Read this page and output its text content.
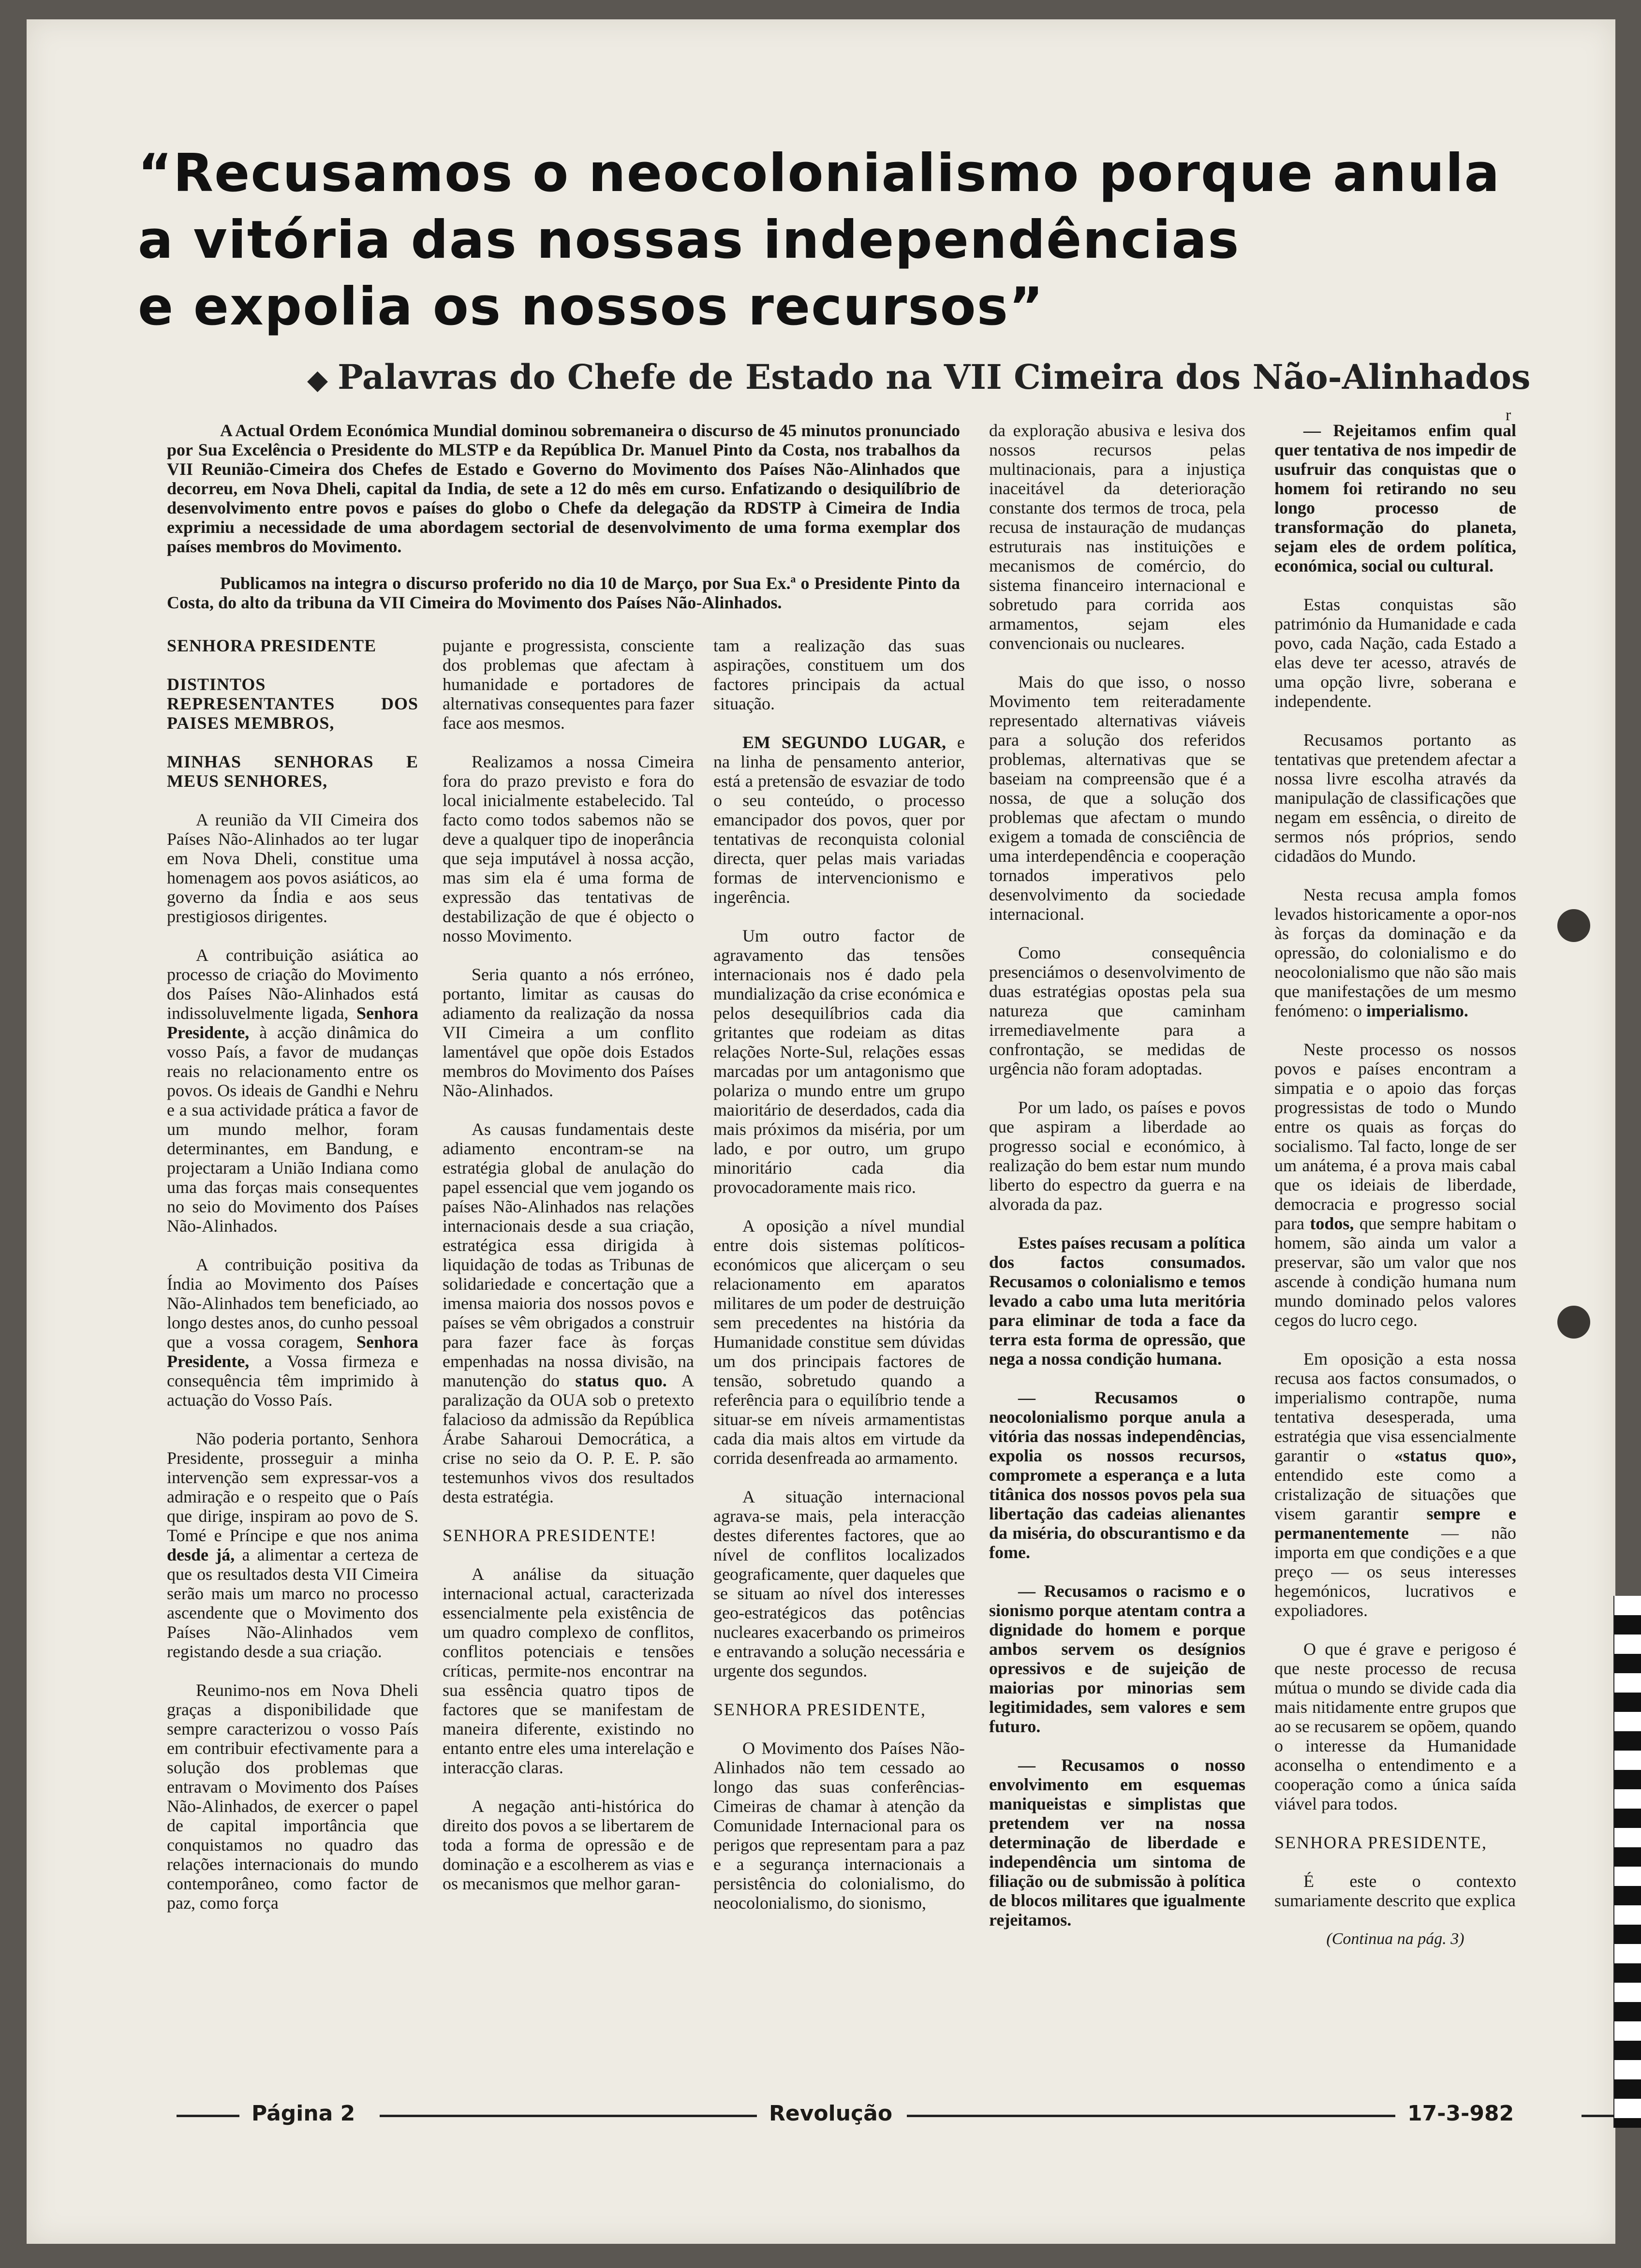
“Recusamos o neocolonialismo porque anula
a vitória das nossas independências
e expolia os nossos recursos”
◆ Palavras do Chefe de Estado na VII Cimeira dos Não-Alinhados

A Actual Ordem Económica Mundial dominou sobremaneira o discurso de 45 minutos pronunciado por Sua Excelência o Presidente do MLSTP e da República Dr. Manuel Pinto da Costa, nos trabalhos da VII Reunião-Cimeira dos Chefes de Estado e Governo do Movimento dos Países Não-Alinhados que decorreu, em Nova Dheli, capital da India, de sete a 12 do mês em curso. Enfatizando o desiquilíbrio de desenvolvimento entre povos e países do globo o Chefe da delegação da RDSTP à Cimeira de India exprimiu a necessidade de uma abordagem sectorial de desenvolvimento de uma forma exemplar dos países membros do Movimento.

Publicamos na integra o discurso proferido no dia 10 de Março, por Sua Ex.ª o Presidente Pinto da Costa, do alto da tribuna da VII Cimeira do Movimento dos Países Não-Alinhados.

SENHORA PRESIDENTE

DISTINTOS REPRESENTANTES DOS PAISES MEMBROS,

MINHAS SENHORAS E MEUS SENHORES,

A reunião da VII Cimeira dos Países Não-Alinhados ao ter lugar em Nova Dheli, constitue uma homenagem aos povos asiáticos, ao governo da Índia e aos seus prestigiosos dirigentes.

A contribuição asiática ao processo de criação do Movimento dos Países Não-Alinhados está indissoluvelmente ligada, Senhora Presidente, à acção dinâmica do vosso País, a favor de mudanças reais no relacionamento entre os povos. Os ideais de Gandhi e Nehru e a sua actividade prática a favor de um mundo melhor, foram determinantes, em Bandung, e projectaram a União Indiana como uma das forças mais consequentes no seio do Movimento dos Países Não-Alinhados.

A contribuição positiva da Índia ao Movimento dos Países Não-Alinhados tem beneficiado, ao longo destes anos, do cunho pessoal que a vossa coragem, Senhora Presidente, a Vossa firmeza e consequência têm imprimido à actuação do Vosso País.

Não poderia portanto, Senhora Presidente, prosseguir a minha intervenção sem expressar-vos a admiração e o respeito que o País que dirige, inspiram ao povo de S. Tomé e Príncipe e que nos anima desde já, a alimentar a certeza de que os resultados desta VII Cimeira serão mais um marco no processo ascendente que o Movimento dos Países Não-Alinhados vem registando desde a sua criação.

Reunimo-nos em Nova Dheli graças a disponibilidade que sempre caracterizou o vosso País em contribuir efectivamente para a solução dos problemas que entravam o Movimento dos Países Não-Alinhados, de exercer o papel de capital importância que conquistamos no quadro das relações internacionais do mundo contemporâneo, como factor de paz, como força

pujante e progressista, consciente dos problemas que afectam à humanidade e portadores de alternativas consequentes para fazer face aos mesmos.

Realizamos a nossa Cimeira fora do prazo previsto e fora do local inicialmente estabelecido. Tal facto como todos sabemos não se deve a qualquer tipo de inoperância que seja imputável à nossa acção, mas sim ela é uma forma de expressão das tentativas de destabilização de que é objecto o nosso Movimento.

Seria quanto a nós erróneo, portanto, limitar as causas do adiamento da realização da nossa VII Cimeira a um conflito lamentável que opõe dois Estados membros do Movimento dos Países Não-Alinhados.

As causas fundamentais deste adiamento encontram-se na estratégia global de anulação do papel essencial que vem jogando os países Não-Alinhados nas relações internacionais desde a sua criação, estratégica essa dirigida à liquidação de todas as Tribunas de solidariedade e concertação que a imensa maioria dos nossos povos e países se vêm obrigados a construir para fazer face às forças empenhadas na nossa divisão, na manutenção do status quo. A paralização da OUA sob o pretexto falacioso da admissão da República Árabe Saharoui Democrática, a crise no seio da O. P. E. P. são testemunhos vivos dos resultados desta estratégia.

SENHORA PRESIDENTE!

A análise da situação internacional actual, caracterizada essencialmente pela existência de um quadro complexo de conflitos, conflitos potenciais e tensões críticas, permite-nos encontrar na sua essência quatro tipos de factores que se manifestam de maneira diferente, existindo no entanto entre eles uma interelação e interacção claras.

A negação anti-histórica do direito dos povos a se libertarem de toda a forma de opressão e de dominação e a escolherem as vias e os mecanismos que melhor garan-

tam a realização das suas aspirações, constituem um dos factores principais da actual situação.

EM SEGUNDO LUGAR, e na linha de pensamento anterior, está a pretensão de esvaziar de todo o seu conteúdo, o processo emancipador dos povos, quer por tentativas de reconquista colonial directa, quer pelas mais variadas formas de intervencionismo e ingerência.

Um outro factor de agravamento das tensões internacionais nos é dado pela mundialização da crise económica e pelos desequilíbrios cada dia gritantes que rodeiam as ditas relações Norte-Sul, relações essas marcadas por um antagonismo que polariza o mundo entre um grupo maioritário de deserdados, cada dia mais próximos da miséria, por um lado, e por outro, um grupo minoritário cada dia provocadoramente mais rico.

A oposição a nível mundial entre dois sistemas políticos-económicos que alicerçam o seu relacionamento em aparatos militares de um poder de destruição sem precedentes na história da Humanidade constitue sem dúvidas um dos principais factores de tensão, sobretudo quando a referência para o equilíbrio tende a situar-se em níveis armamentistas cada dia mais altos em virtude da corrida desenfreada ao armamento.

A situação internacional agrava-se mais, pela interacção destes diferentes factores, que ao nível de conflitos localizados geograficamente, quer daqueles que se situam ao nível dos interesses geo-estratégicos das potências nucleares exacerbando os primeiros e entravando a solução necessária e urgente dos segundos.

SENHORA PRESIDENTE,

O Movimento dos Países Não-Alinhados não tem cessado ao longo das suas conferências-Cimeiras de chamar à atenção da Comunidade Internacional para os perigos que representam para a paz e a segurança internacionais a persistência do colonialismo, do neocolonialismo, do sionismo,

da exploração abusiva e lesiva dos nossos recursos pelas multinacionais, para a injustiça inaceitável da deterioração constante dos termos de troca, pela recusa de instauração de mudanças estruturais nas instituições e mecanismos de comércio, do sistema financeiro internacional e sobretudo para corrida aos armamentos, sejam eles convencionais ou nucleares.

Mais do que isso, o nosso Movimento tem reiteradamente representado alternativas viáveis para a solução dos referidos problemas, alternativas que se baseiam na compreensão que é a nossa, de que a solução dos problemas que afectam o mundo exigem a tomada de consciência de uma interdependência e cooperação tornados imperativos pelo desenvolvimento da sociedade internacional.

Como consequência presenciámos o desenvolvimento de duas estratégias opostas pela sua natureza que caminham irremediavelmente para a confrontação, se medidas de urgência não foram adoptadas.

Por um lado, os países e povos que aspiram a liberdade ao progresso social e económico, à realização do bem estar num mundo liberto do espectro da guerra e na alvorada da paz.

Estes países recusam a política dos factos consumados. Recusamos o colonialismo e temos levado a cabo uma luta meritória para eliminar de toda a face da terra esta forma de opressão, que nega a nossa condição humana.

— Recusamos o neocolonialismo porque anula a vitória das nossas independências, expolia os nossos recursos, compromete a esperança e a luta titânica dos nossos povos pela sua libertação das cadeias alienantes da miséria, do obscurantismo e da fome.

— Recusamos o racismo e o sionismo porque atentam contra a dignidade do homem e porque ambos servem os desígnios opressivos e de sujeição de maiorias por minorias sem legitimidades, sem valores e sem futuro.

— Recusamos o nosso envolvimento em esquemas maniqueistas e simplistas que pretendem ver na nossa determinação de liberdade e independência um sintoma de filiação ou de submissão à política de blocos militares que igualmente rejeitamos.

— Rejeitamos enfim qual quer tentativa de nos impedir de usufruir das conquistas que o homem foi retirando no seu longo processo de transformação do planeta, sejam eles de ordem política, económica, social ou cultural.

Estas conquistas são património da Humanidade e cada povo, cada Nação, cada Estado a elas deve ter acesso, através de uma opção livre, soberana e independente.

Recusamos portanto as tentativas que pretendem afectar a nossa livre escolha através da manipulação de classificações que negam em essência, o direito de sermos nós próprios, sendo cidadãos do Mundo.

Nesta recusa ampla fomos levados historicamente a opor-nos às forças da dominação e da opressão, do colonialismo e do neocolonialismo que não são mais que manifestações de um mesmo fenómeno: o imperialismo.

Neste processo os nossos povos e países encontram a simpatia e o apoio das forças progressistas de todo o Mundo entre os quais as forças do socialismo. Tal facto, longe de ser um anátema, é a prova mais cabal que os ideiais de liberdade, democracia e progresso social para todos, que sempre habitam o homem, são ainda um valor a preservar, são um valor que nos ascende à condição humana num mundo dominado pelos valores cegos do lucro cego.

Em oposição a esta nossa recusa aos factos consumados, o imperialismo contrapõe, numa tentativa desesperada, uma estratégia que visa essencialmente garantir o «status quo», entendido este como a cristalização de situações que visem garantir sempre e permanentemente — não importa em que condições e a que preço — os seus interesses hegemónicos, lucrativos e expoliadores.

O que é grave e perigoso é que neste processo de recusa mútua o mundo se divide cada dia mais nitidamente entre grupos que ao se recusarem se opõem, quando o interesse da Humanidade aconselha o entendimento e a cooperação como a única saída viável para todos.

SENHORA PRESIDENTE,

É este o contexto sumariamente descrito que explica

(Continua na pág. 3)

r
Página 2	Revolução	17-3-982
